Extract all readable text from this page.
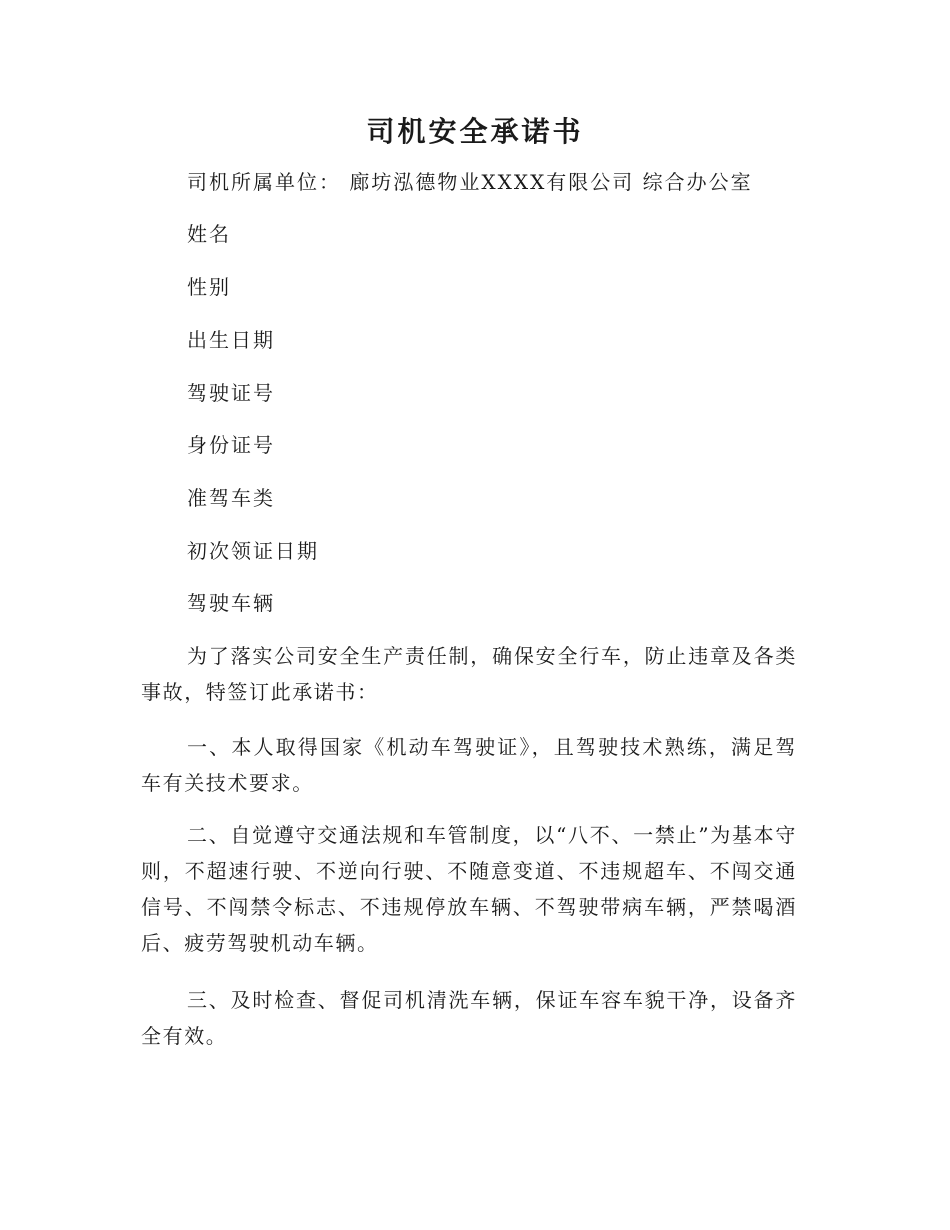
司机安全承诺书
司机所属单位： 廊坊泓德物业XXXX有限公司 综合办公室
姓名
性别
出生日期
驾驶证号
身份证号
准驾车类
初次领证日期
驾驶车辆

为了落实公司安全生产责任制，确保安全行车，防止违章及各类事故，特签订此承诺书：

一、本人取得国家《机动车驾驶证》，且驾驶技术熟练，满足驾车有关技术要求。

二、自觉遵守交通法规和车管制度，以“八不、一禁止”为基本守则，不超速行驶、不逆向行驶、不随意变道、不违规超车、不闯交通信号、不闯禁令标志、不违规停放车辆、不驾驶带病车辆，严禁喝酒后、疲劳驾驶机动车辆。

三、及时检查、督促司机清洗车辆，保证车容车貌干净，设备齐全有效。
